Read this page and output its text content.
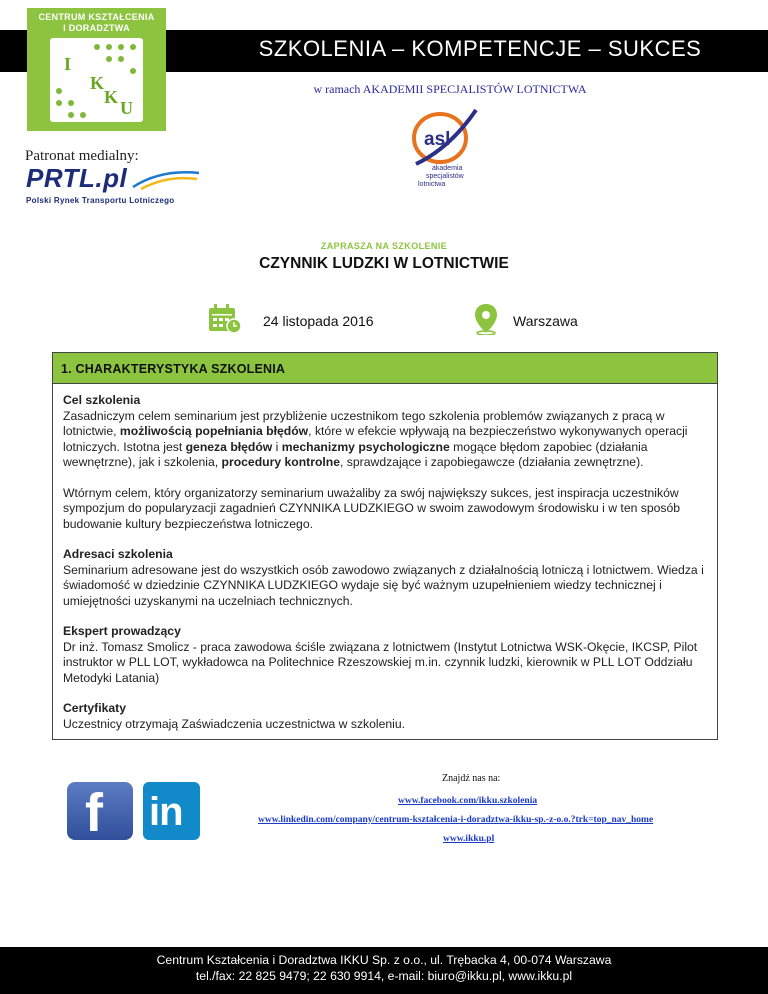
SZKOLENIA – KOMPETENCJE – SUKCES
CENTRUM KSZTAŁCENIA
I DORADZTWA
I
K
K
U
w ramach AKADEMII SPECJALISTÓW LOTNICTWA
asl
akademia
specjalistów
lotnictwa
Patronat medialny:
PRTL.pl
Polski Rynek Transportu Lotniczego
ZAPRASZA NA SZKOLENIE
CZYNNIK LUDZKI W LOTNICTWIE
24 listopada 2016	Warszawa
1. CHARAKTERYSTYKA SZKOLENIA

Cel szkolenia

Zasadniczym celem seminarium jest przybliżenie uczestnikom tego szkolenia problemów związanych z pracą w lotnictwie, możliwością popełniania błędów, które w efekcie wpływają na bezpieczeństwo wykonywanych operacji lotniczych. Istotna jest geneza błędów i mechanizmy psychologiczne mogące błędom zapobiec (działania wewnętrzne), jak i szkolenia, procedury kontrolne, sprawdzające i zapobiegawcze (działania zewnętrzne).

Wtórnym celem, który organizatorzy seminarium uważaliby za swój największy sukces, jest inspiracja uczestników sympozjum do popularyzacji zagadnień CZYNNIKA LUDZKIEGO w swoim zawodowym środowisku i w ten sposób budowanie kultury bezpieczeństwa lotniczego.

Adresaci szkolenia

Seminarium adresowane jest do wszystkich osób zawodowo związanych z działalnością lotniczą i lotnictwem. Wiedza i świadomość w dziedzinie CZYNNIKA LUDZKIEGO wydaje się być ważnym uzupełnieniem wiedzy technicznej i umiejętności uzyskanymi na uczelniach technicznych.

Ekspert prowadzący

Dr inż. Tomasz Smolicz - praca zawodowa ściśle związana z lotnictwem (Instytut Lotnictwa WSK-Okęcie, IKCSP, Pilot instruktor w PLL LOT, wykładowca na Politechnice Rzeszowskiej m.in. czynnik ludzki, kierownik w PLL LOT Oddziału Metodyki Latania)

Certyfikaty

Uczestnicy otrzymają Zaświadczenia uczestnictwa w szkoleniu.

f in
Znajdź nas na:
www.facebook.com/ikku.szkolenia
www.linkedin.com/company/centrum-kształcenia-i-doradztwa-ikku-sp.-z-o.o.?trk=top_nav_home
www.ikku.pl
Centrum Kształcenia i Doradztwa IKKU Sp. z o.o., ul. Trębacka 4, 00-074 Warszawa
tel./fax: 22 825 9479; 22 630 9914, e-mail: biuro@ikku.pl, www.ikku.pl
